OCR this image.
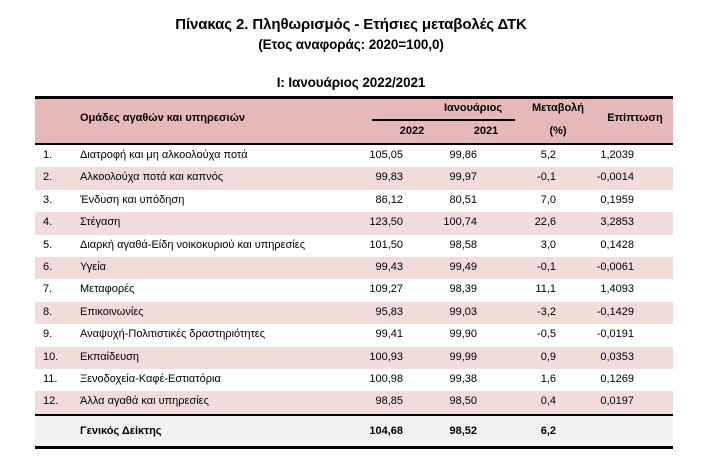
Πίνακας 2. Πληθωρισμός - Ετήσιες μεταβολές ΔΤΚ
(Ετος αναφοράς: 2020=100,0)
I: Ιανουάριος 2022/2021
Ομάδες αγαθών και υπηρεσιών
Ιανουάριος
2022	2021
Μεταβολή
(%)
Επίπτωση
1.	Διατροφή και μη αλκοολούχα ποτά	105,05	99,86	5,2	1,2039
2.	Αλκοολούχα ποτά και καπνός	99,83	99,97	-0,1	-0,0014
3.	Ένδυση και υπόδηση	86,12	80,51	7,0	0,1959
4.	Στέγαση	123,50	100,74	22,6	3,2853
5.	Διαρκή αγαθά-Είδη νοικοκυριού και υπηρεσίες	101,50	98,58	3,0	0,1428
6.	Υγεία	99,43	99,49	-0,1	-0,0061
7.	Μεταφορές	109,27	98,39	11,1	1,4093
8.	Επικοινωνίες	95,83	99,03	-3,2	-0,1429
9.	Αναψυχή-Πολιτιστικές δραστηριότητες	99,41	99,90	-0,5	-0,0191
10. Εκπαίδευση	100,93	99,99	0,9	0,0353
11. Ξενοδοχεία-Καφέ-Εστιατόρια	100,98	99,38	1,6	0,1269
12. Άλλα αγαθά και υπηρεσίες	98,85	98,50	0,4	0,0197
Γενικός Δείκτης	104,68	98,52	6,2
